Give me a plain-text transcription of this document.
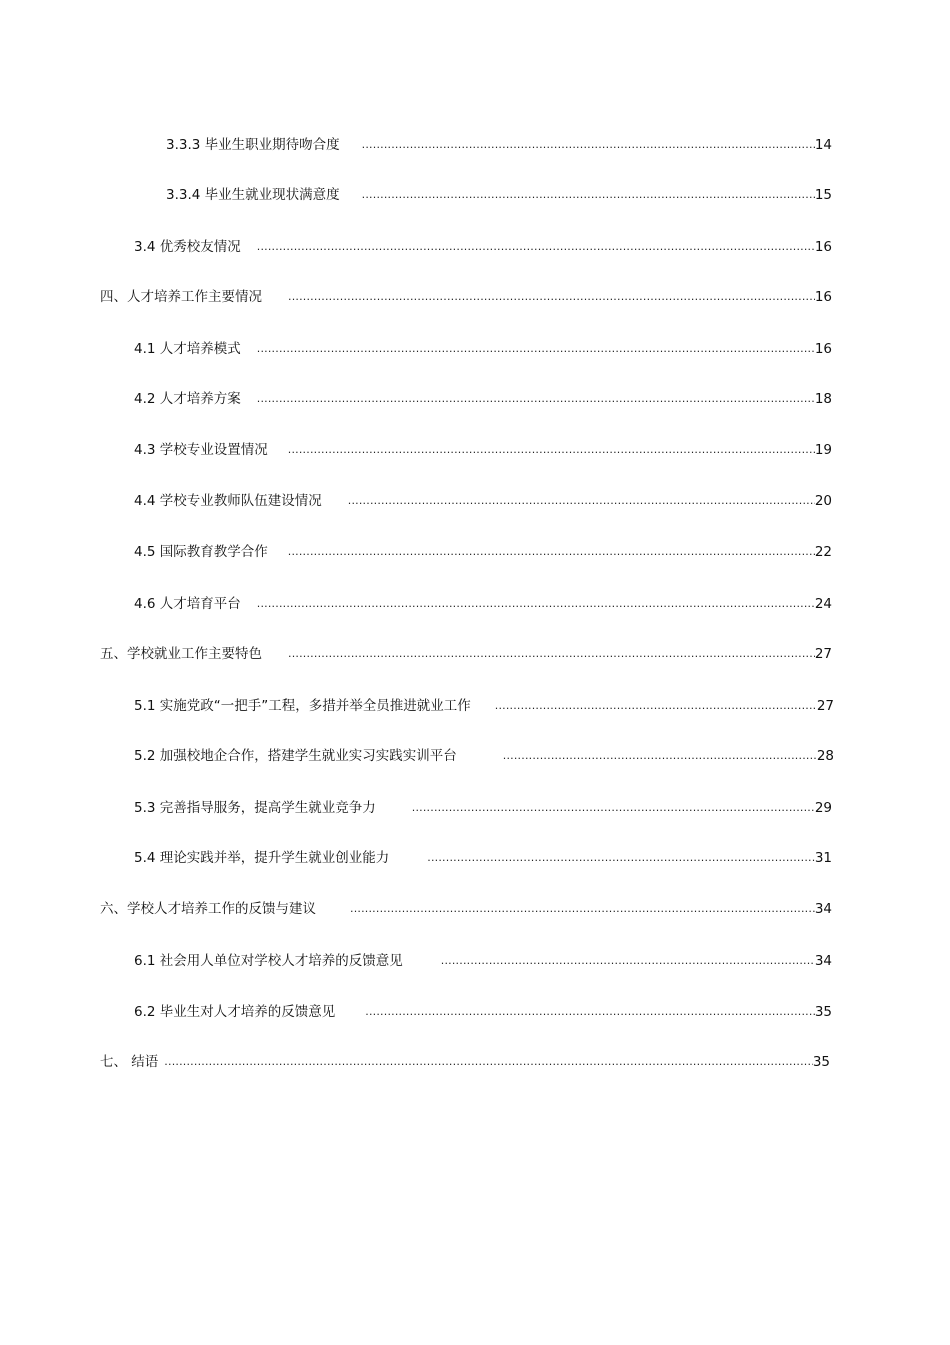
3.3.3 毕业生职业期待吻合度 .....	14
3.3.4 毕业生就业现状满意度 .....	15
3.4 优秀校友情况 .....	16
四、人才培养工作主要情况 .....	16
4.1 人才培养模式 .....	16
4.2 人才培养方案 .....	18
4.3 学校专业设置情况 .....	19
4.4 学校专业教师队伍建设情况 .....	20
4.5 国际教育教学合作 .....	22
4.6 人才培育平台 .....	24
五、学校就业工作主要特色 .....	27
5.1 实施党政“一把手”工程，多措并举全员推进就业工作 .....	27
5.2 加强校地企合作，搭建学生就业实习实践实训平台 .....	28
5.3 完善指导服务，提高学生就业竞争力 .....	29
5.4 理论实践并举，提升学生就业创业能力 .....	31
六、学校人才培养工作的反馈与建议 .....	34
6.1 社会用人单位对学校人才培养的反馈意见 .....	34
6.2 毕业生对人才培养的反馈意见 .....	35
七、 结语 .....	35
